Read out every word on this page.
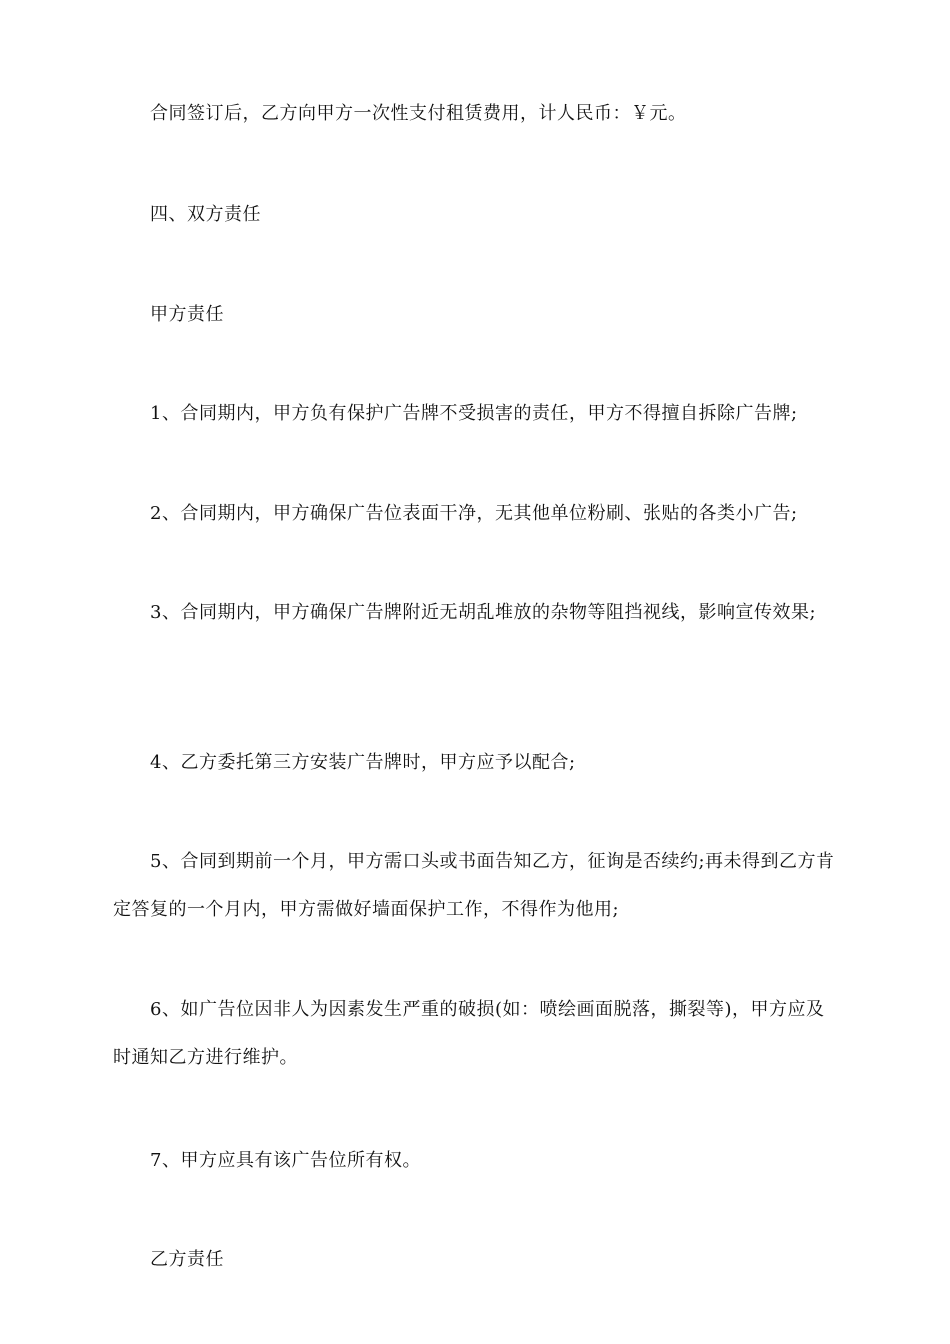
合同签订后，乙方向甲方一次性支付租赁费用，计人民币：￥元。
四、双方责任
甲方责任
1、合同期内，甲方负有保护广告牌不受损害的责任，甲方不得擅自拆除广告牌;
2、合同期内，甲方确保广告位表面干净，无其他单位粉刷、张贴的各类小广告;
3、合同期内，甲方确保广告牌附近无胡乱堆放的杂物等阻挡视线，影响宣传效果;
4、乙方委托第三方安装广告牌时，甲方应予以配合;
5、合同到期前一个月，甲方需口头或书面告知乙方，征询是否续约;再未得到乙方肯定答复的一个月内，甲方需做好墙面保护工作，不得作为他用;
6、如广告位因非人为因素发生严重的破损(如：喷绘画面脱落，撕裂等)，甲方应及时通知乙方进行维护。
7、甲方应具有该广告位所有权。
乙方责任
